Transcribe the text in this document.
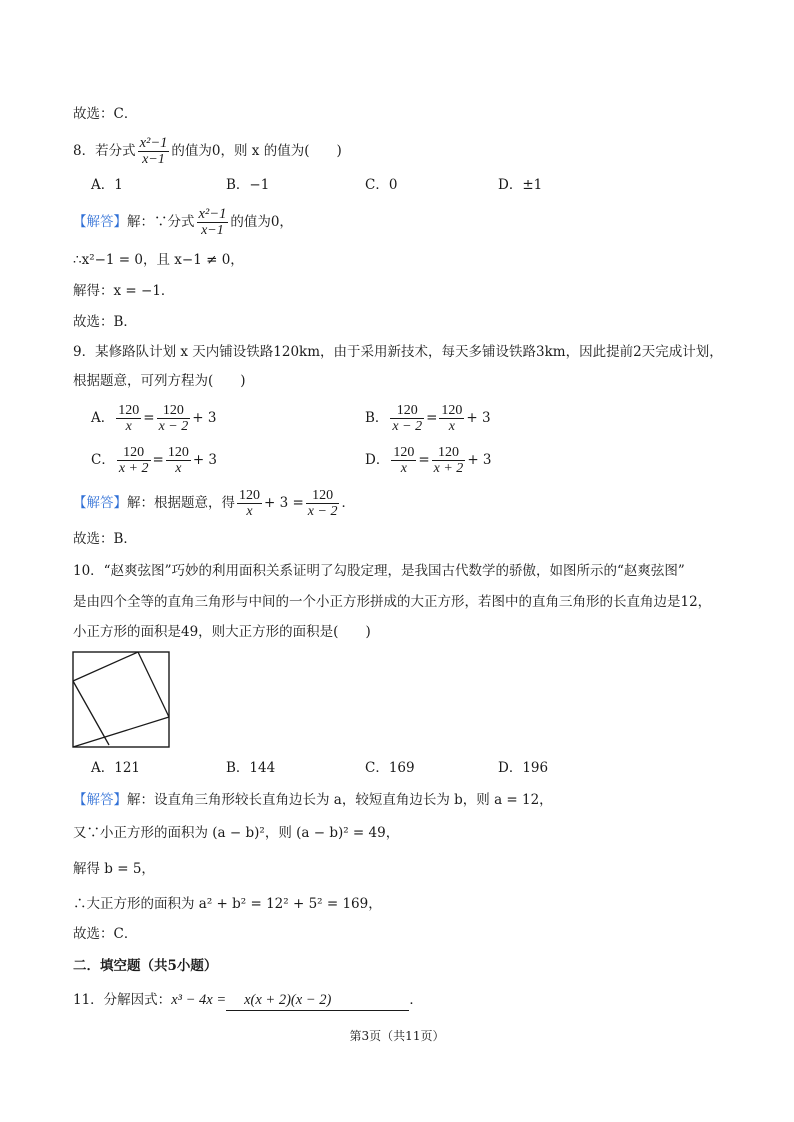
故选：C．
8．若分式 $\frac{\text{x²−1}}{x-1}$ 的值为0，则 x 的值为(　　)
A．1	B．−1	C．0	D．±1
【解答】解：∵分式 $\frac{\text{x²−1}}{x-1}$ 的值为0，
∴x²−1 = 0，且 x−1 ≠ 0，
解得：x = −1．
故选：B．
9．某修路队计划 x 天内铺设铁路120km，由于采用新技术，每天多铺设铁路3km，因此提前2天完成计划，
根据题意，可列方程为(　　)
A． $\frac{120}{x} = \frac{120}{x - 2} + 3$	B． $\frac{120}{x - 2} = \frac{120}{x} + 3$
C． $\frac{120}{x + 2} = \frac{120}{x} + 3$	D． $\frac{120}{x} = \frac{120}{x + 2} + 3$
【解答】解：根据题意，得 $\frac{120}{x} + 3 = \frac{120}{x - 2}$ ．
故选：B．
10．“赵爽弦图”巧妙的利用面积关系证明了勾股定理，是我国古代数学的骄傲，如图所示的“赵爽弦图”
是由四个全等的直角三角形与中间的一个小正方形拼成的大正方形，若图中的直角三角形的长直角边是12，
小正方形的面积是49，则大正方形的面积是(　　)
A．121	B．144	C．169	D．196
【解答】解：设直角三角形较长直角边长为 a，较短直角边长为 b，则 a = 12，
又∵小正方形的面积为 (a − b)²，则 (a − b)² = 49，
解得 b = 5，
∴大正方形的面积为 a² + b² = 12² + 5² = 169，
故选：C．
二．填空题（共5小题）
11．分解因式：x³ − 4x = x(x + 2)(x − 2)	．
第3页（共11页）
